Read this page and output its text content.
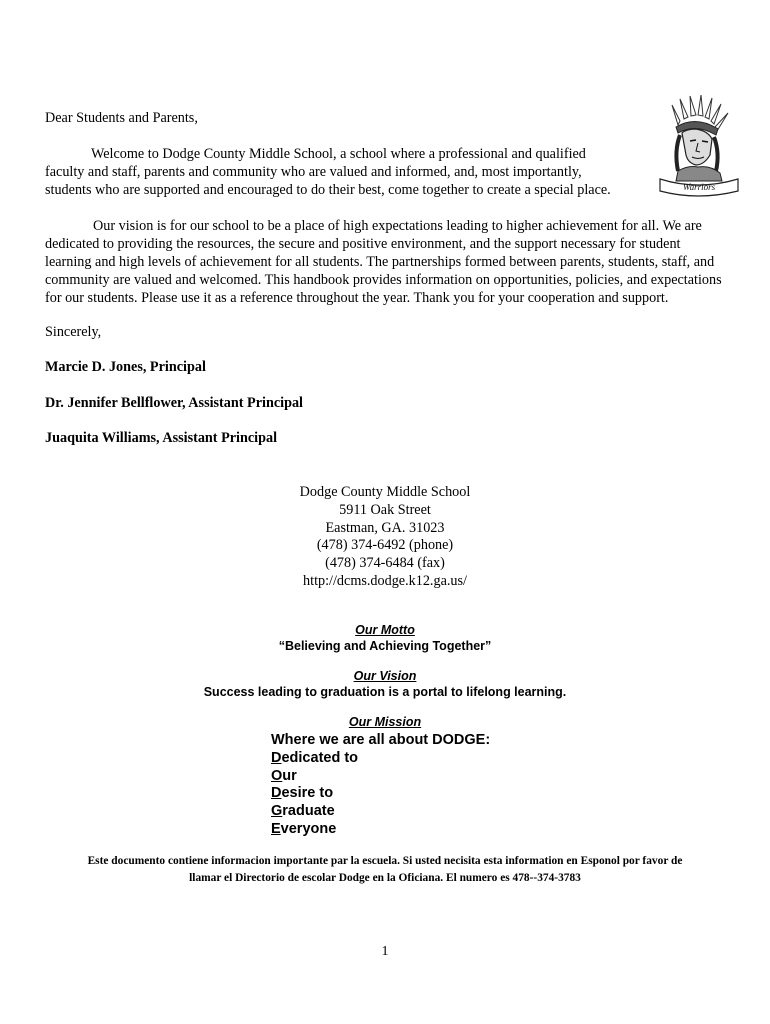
Dear Students and Parents,
Welcome to Dodge County Middle School, a school where a professional and qualified faculty and staff, parents and community who are valued and informed, and, most importantly, students who are supported and encouraged to do their best, come together to create a special place.
Our vision is for our school to be a place of high expectations leading to higher achievement for all. We are dedicated to providing the resources, the secure and positive environment, and the support necessary for student learning and high levels of achievement for all students. The partnerships formed between parents, students, staff, and community are valued and welcomed. This handbook provides information on opportunities, policies, and expectations for our students. Please use it as a reference throughout the year. Thank you for your cooperation and support.
Sincerely,
Marcie D. Jones, Principal
Dr. Jennifer Bellflower, Assistant Principal
Juaquita Williams, Assistant Principal
Warriors
Dodge County Middle School
5911 Oak Street
Eastman, GA. 31023
(478) 374-6492 (phone)
(478) 374-6484 (fax)
http://dcms.dodge.k12.ga.us/
Our Motto
“Believing and Achieving Together”
Our Vision
Success leading to graduation is a portal to lifelong learning.
Our Mission
Where we are all about DODGE:
Dedicated to
Our
Desire to
Graduate
Everyone
Este documento contiene informacion importante par la escuela. Si usted necisita esta information en Esponol por favor de
llamar el Directorio de escolar Dodge en la Oficiana. El numero es 478--374-3783
1
